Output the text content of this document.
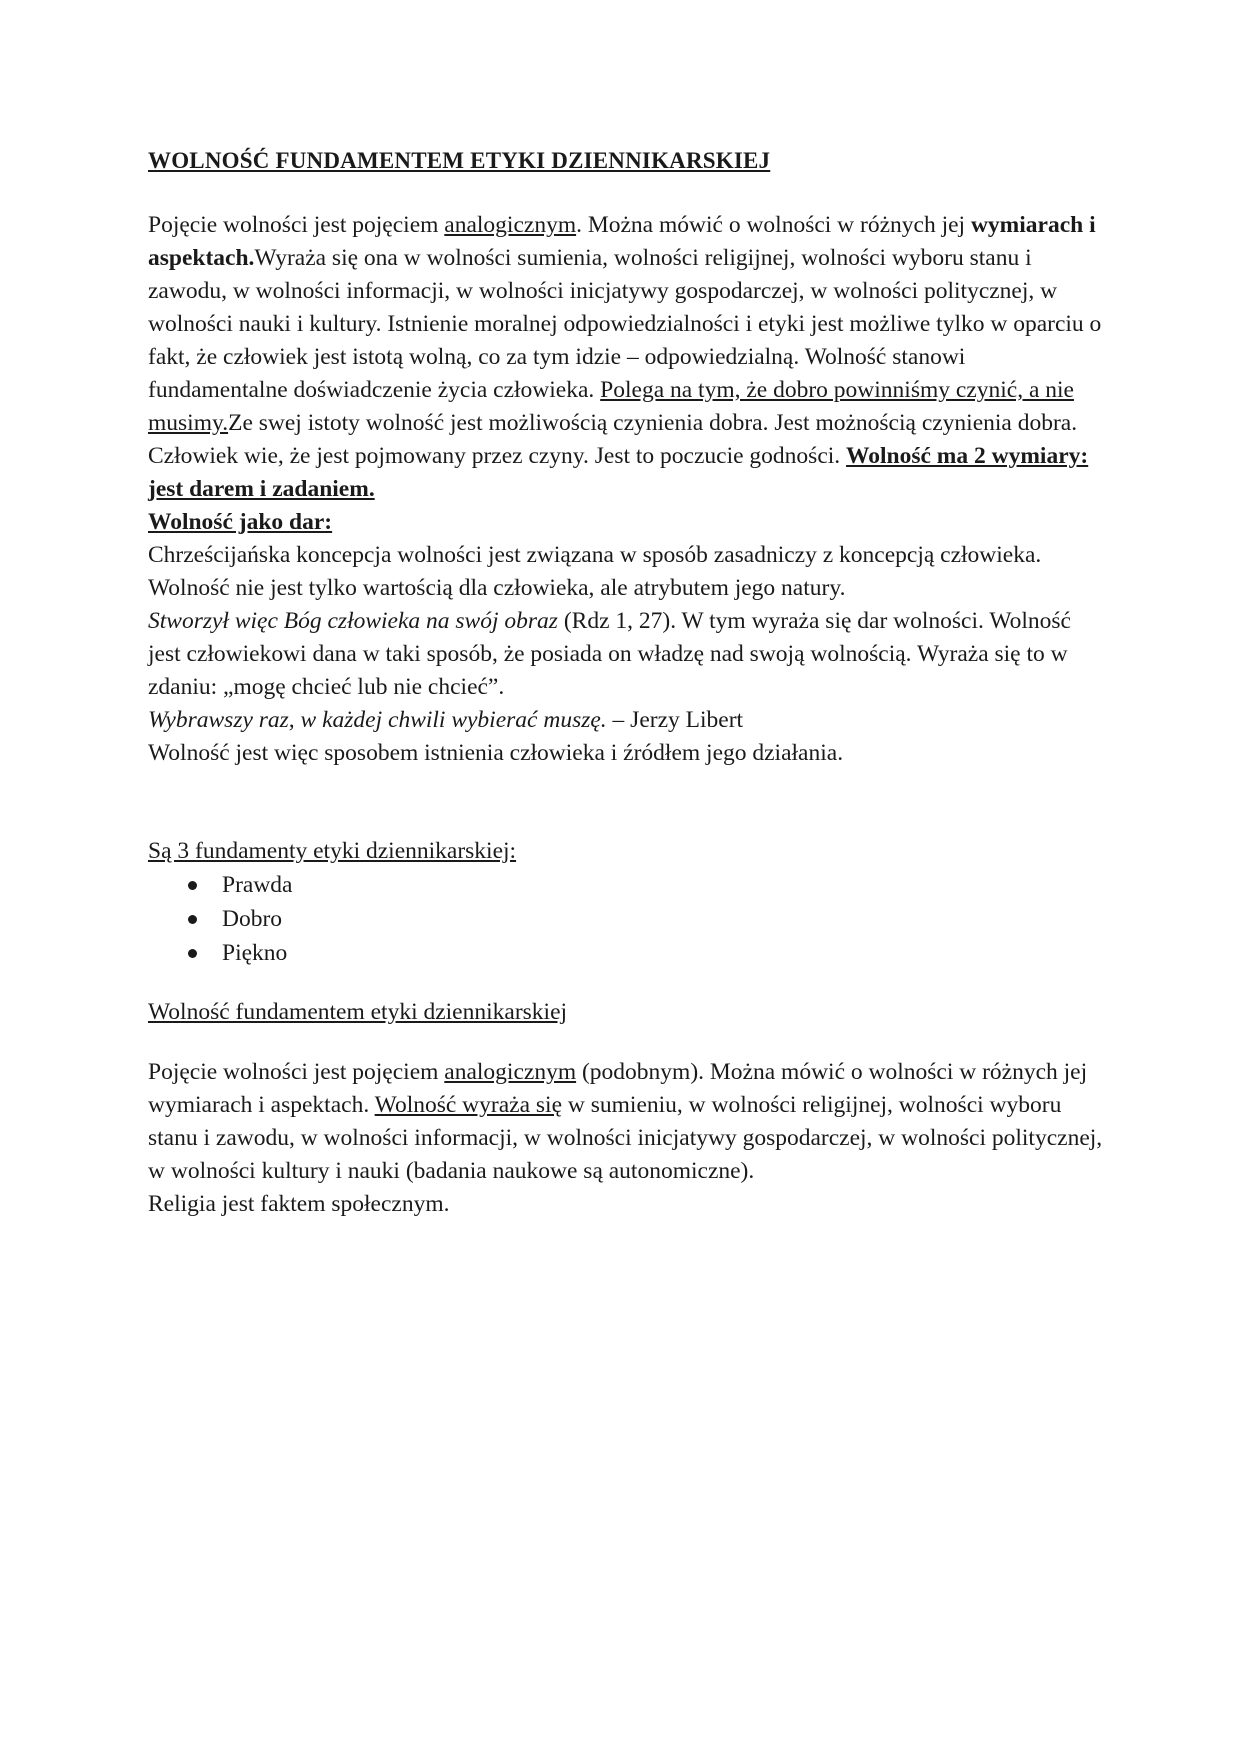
WOLNOŚĆ FUNDAMENTEM ETYKI DZIENNIKARSKIEJ

Pojęcie wolności jest pojęciem analogicznym. Można mówić o wolności w różnych jej wymiarach i aspektach.Wyraża się ona w wolności sumienia, wolności religijnej, wolności wyboru stanu i zawodu, w wolności informacji, w wolności inicjatywy gospodarczej, w wolności politycznej, w wolności nauki i kultury. Istnienie moralnej odpowiedzialności i etyki jest możliwe tylko w oparciu o fakt, że człowiek jest istotą wolną, co za tym idzie – odpowiedzialną. Wolność stanowi fundamentalne doświadczenie życia człowieka. Polega na tym, że dobro powinniśmy czynić, a nie musimy.Ze swej istoty wolność jest możliwością czynienia dobra. Jest możnością czynienia dobra. Człowiek wie, że jest pojmowany przez czyny. Jest to poczucie godności. Wolność ma 2 wymiary: jest darem i zadaniem.

Wolność jako dar:

Chrześcijańska koncepcja wolności jest związana w sposób zasadniczy z koncepcją człowieka. Wolność nie jest tylko wartością dla człowieka, ale atrybutem jego natury.

Stworzył więc Bóg człowieka na swój obraz (Rdz 1, 27). W tym wyraża się dar wolności. Wolność jest człowiekowi dana w taki sposób, że posiada on władzę nad swoją wolnością. Wyraża się to w zdaniu: „mogę chcieć lub nie chcieć”.

Wybrawszy raz, w każdej chwili wybierać muszę. – Jerzy Libert

Wolność jest więc sposobem istnienia człowieka i źródłem jego działania.

Są 3 fundamenty etyki dziennikarskiej:

Prawda
Dobro
Piękno

Wolność fundamentem etyki dziennikarskiej

Pojęcie wolności jest pojęciem analogicznym (podobnym). Można mówić o wolności w różnych jej wymiarach i aspektach. Wolność wyraża się w sumieniu, w wolności religijnej, wolności wyboru stanu i zawodu, w wolności informacji, w wolności inicjatywy gospodarczej, w wolności politycznej, w wolności kultury i nauki (badania naukowe są autonomiczne).

Religia jest faktem społecznym.
